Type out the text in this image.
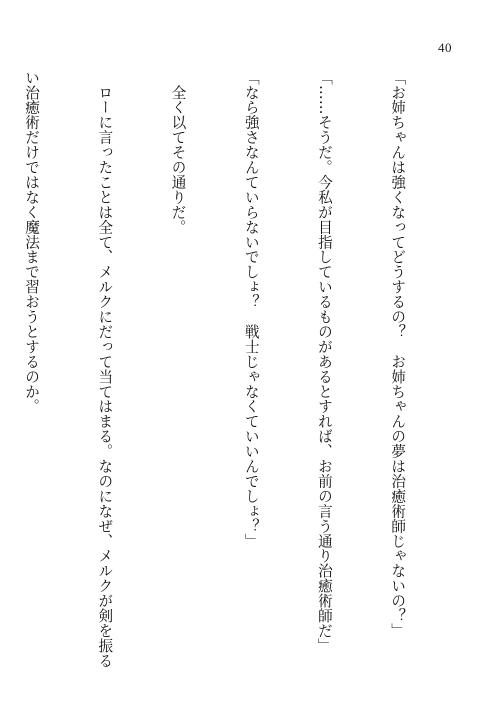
40

「お姉ちゃんは強くなってどうするの？　お姉ちゃんの夢は治癒術師じゃないの？」

「……そうだ。今私が目指しているものがあるとすれば、お前の言う通り治癒術師だ」

「なら強さなんていらないでしょ？　戦士じゃなくていいんでしょ？」

　全く以てその通りだ。

　ローに言ったことは全て、メルクにだって当てはまる。なのになぜ、メルクが剣を振る

い治癒術だけではなく魔法まで習おうとするのか。
